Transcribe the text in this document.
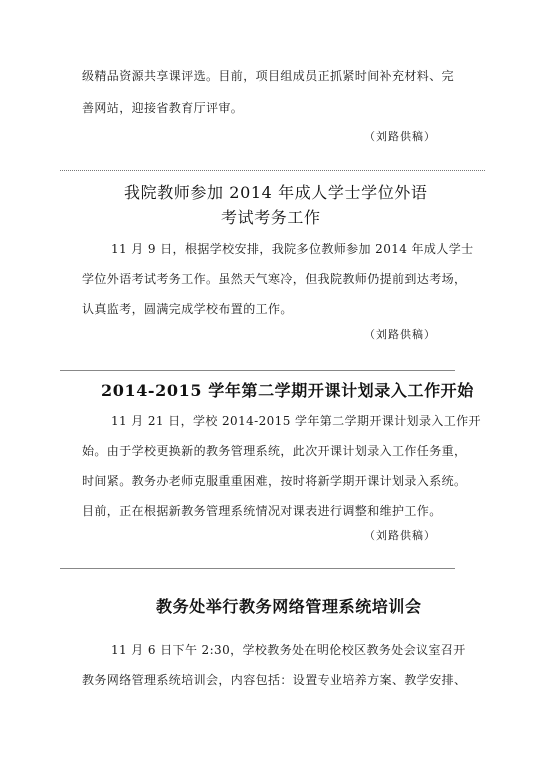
级精品资源共享课评选。目前，项目组成员正抓紧时间补充材料、完
善网站，迎接省教育厅评审。
（刘路供稿）
我院教师参加 2014 年成人学士学位外语
考试考务工作
11 月 9 日，根据学校安排，我院多位教师参加 2014 年成人学士
学位外语考试考务工作。虽然天气寒冷，但我院教师仍提前到达考场，
认真监考，圆满完成学校布置的工作。
（刘路供稿）
2014-2015 学年第二学期开课计划录入工作开始
11 月 21 日，学校 2014-2015 学年第二学期开课计划录入工作开
始。由于学校更换新的教务管理系统，此次开课计划录入工作任务重，
时间紧。教务办老师克服重重困难，按时将新学期开课计划录入系统。
目前，正在根据新教务管理系统情况对课表进行调整和维护工作。
（刘路供稿）
教务处举行教务网络管理系统培训会
11 月 6 日下午 2:30，学校教务处在明伦校区教务处会议室召开
教务网络管理系统培训会，内容包括：设置专业培养方案、教学安排、
